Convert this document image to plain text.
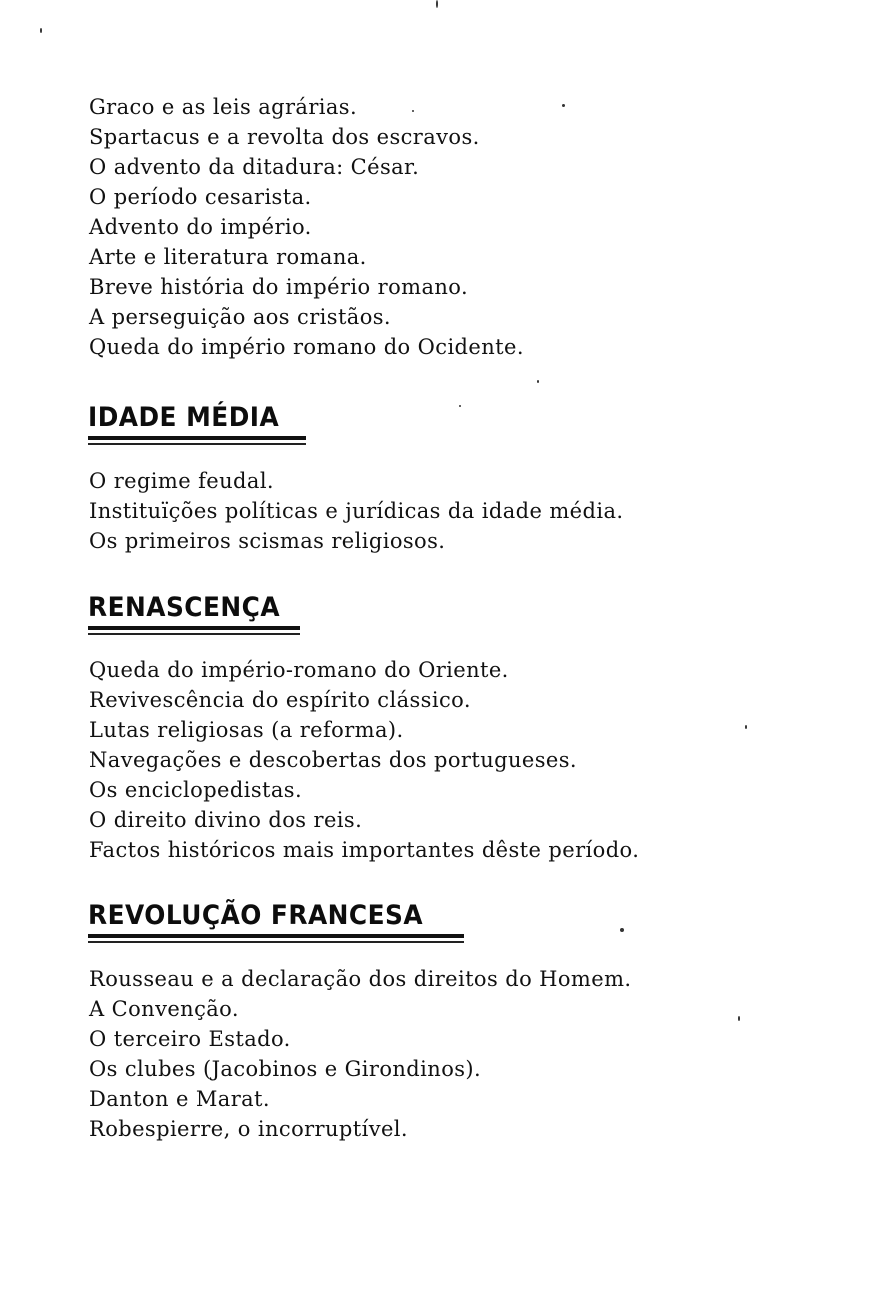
Graco e as leis agrárias.
Spartacus e a revolta dos escravos.
O advento da ditadura: César.
O período cesarista.
Advento do império.
Arte e literatura romana.
Breve história do império romano.
A perseguição aos cristãos.
Queda do império romano do Ocidente.
IDADE MÉDIA
O regime feudal.
Instituïções políticas e jurídicas da idade média.
Os primeiros scismas religiosos.
RENASCENÇA
Queda do império-romano do Oriente.
Revivescência do espírito clássico.
Lutas religiosas (a reforma).
Navegações e descobertas dos portugueses.
Os enciclopedistas.
O direito divino dos reis.
Factos históricos mais importantes dêste período.
REVOLUÇÃO FRANCESA
Rousseau e a declaração dos direitos do Homem.
A Convenção.
O terceiro Estado.
Os clubes (Jacobinos e Girondinos).
Danton e Marat.
Robespierre, o incorruptível.
